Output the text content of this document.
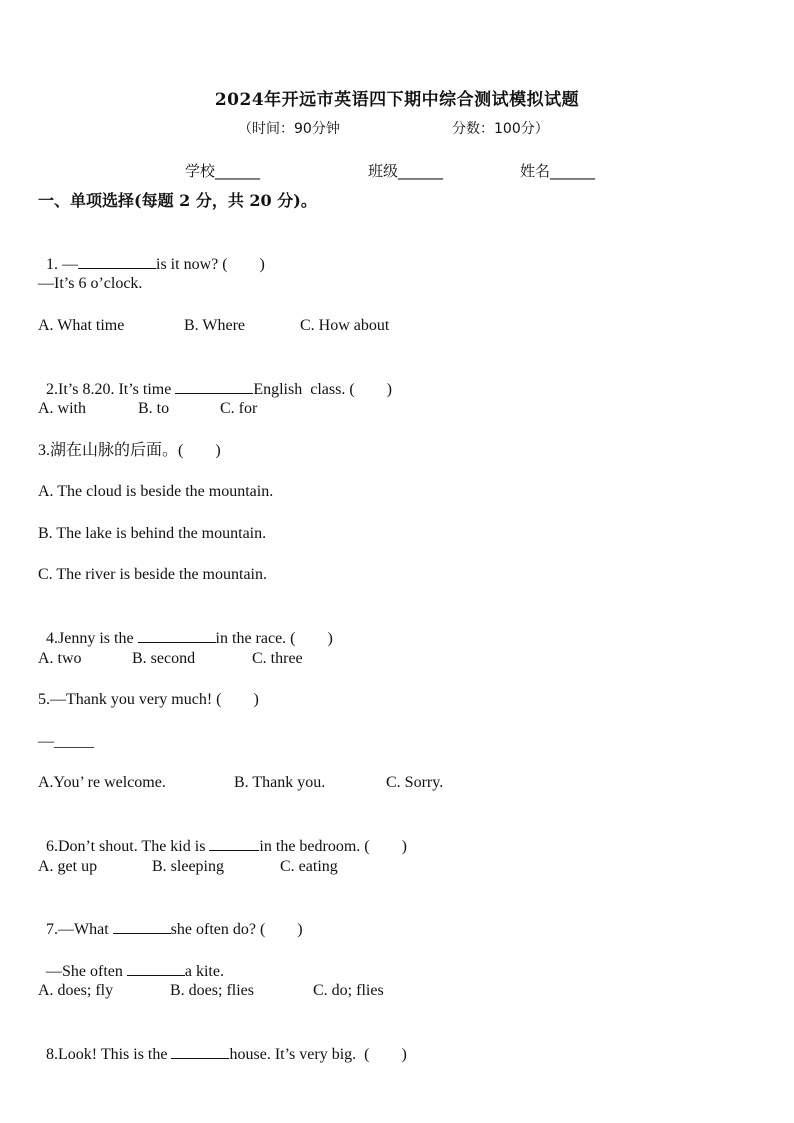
2024年开远市英语四下期中综合测试模拟试题
（时间：90分钟	分数：100分）
学校______	班级______	姓名______
一、单项选择(每题 2 分，共 20 分)。

1. —	is it now? (        )

—It’s 6 o’clock.
A. What time	B. Where	C. How about

2.It’s 8.20. It’s time	English  class. (        )

A. with	B. to	C. for
3.湖在山脉的后面。(        )
A. The cloud is beside the mountain.
B. The lake is behind the mountain.
C. The river is beside the mountain.

4.Jenny is the	in the race. (        )

A. two	B. second	C. three
5.—Thank you very much! (        )
—_____
A.You’ re welcome.	B. Thank you.	C. Sorry.

6.Don’t shout. The kid is	in the bedroom. (        )

A. get up	B. sleeping	C. eating

7.—What	she often do? (        )

—She often	a kite.

A. does; fly	B. does; flies	C. do; flies

8.Look! This is the	house. It’s very big.  (        )
